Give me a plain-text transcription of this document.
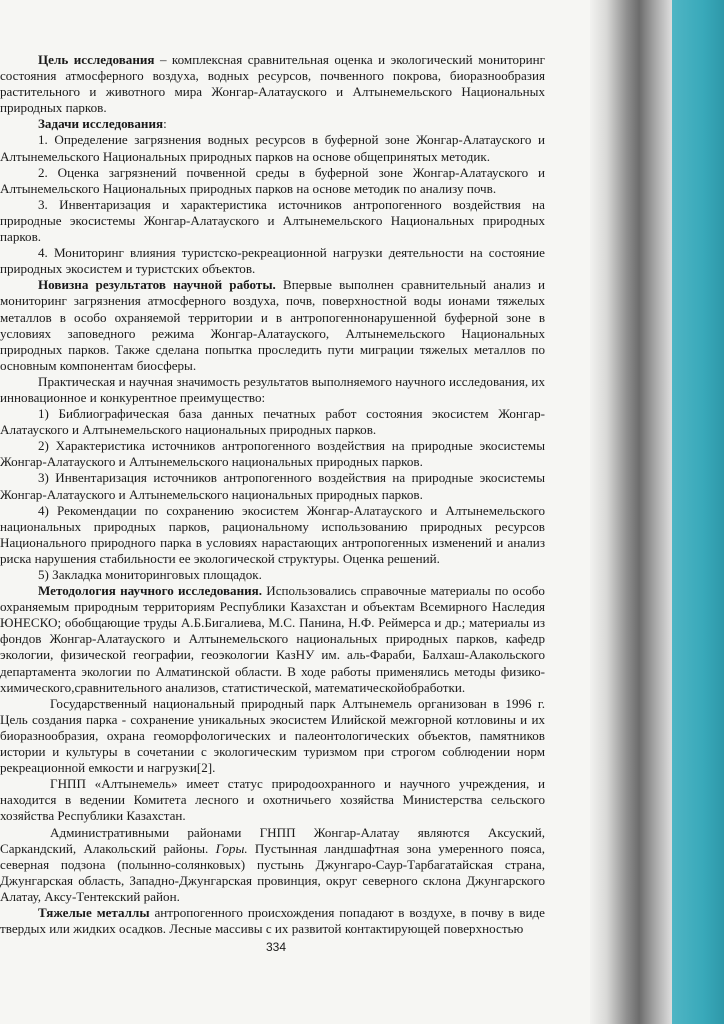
Цель исследования – комплексная сравнительная оценка и экологический мониторинг состояния атмосферного воздуха, водных ресурсов, почвенного покрова, биоразнообразия растительного и животного мира Жонгар-Алатауского и Алтынемельского Национальных природных парков.

Задачи исследования:

1. Определение загрязнения водных ресурсов в буферной зоне Жонгар-Алатауского и Алтынемельского Национальных природных парков на основе общепринятых методик.

2. Оценка загрязнений почвенной среды в буферной зоне Жонгар-Алатауского и Алтынемельского Национальных природных парков на основе методик по анализу почв.

3. Инвентаризация и характеристика источников антропогенного воздействия на природные экосистемы Жонгар-Алатауского и Алтынемельского Национальных природных парков.

4. Мониторинг влияния туристско-рекреационной нагрузки деятельности на состояние природных экосистем и туристских объектов.

Новизна результатов научной работы. Впервые выполнен сравнительный анализ и мониторинг загрязнения атмосферного воздуха, почв, поверхностной воды ионами тяжелых металлов в особо охраняемой территории и в антропогеннонарушенной буферной зоне в условиях заповедного режима Жонгар-Алатауского, Алтынемельского Национальных природных парков. Также сделана попытка проследить пути миграции тяжелых металлов по основным компонентам биосферы.

Практическая и научная значимость результатов выполняемого научного исследования, их инновационное и конкурентное преимущество:

1) Библиографическая база данных печатных работ состояния экосистем Жонгар-Алатауского и Алтынемельского национальных природных парков.

2) Характеристика источников антропогенного воздействия на природные экосистемы Жонгар-Алатауского и Алтынемельского национальных природных парков.

3) Инвентаризация источников антропогенного воздействия на природные экосистемы Жонгар-Алатауского и Алтынемельского национальных природных парков.

4) Рекомендации по сохранению экосистем Жонгар-Алатауского и Алтынемельского национальных природных парков, рациональному использованию природных ресурсов Национального природного парка в условиях нарастающих антропогенных изменений и анализ риска нарушения стабильности ее экологической структуры. Оценка решений.

5) Закладка мониторинговых площадок.

Методология научного исследования. Использовались справочные материалы по особо охраняемым природным территориям Республики Казахстан и объектам Всемирного Наследия ЮНЕСКО; обобщающие труды А.Б.Бигалиева, М.С. Панина, Н.Ф. Реймерса и др.; материалы из фондов Жонгар-Алатауского и Алтынемельского национальных природных парков, кафедр экологии, физической географии, геоэкологии КазНУ им. аль-Фараби, Балхаш-Алакольского департамента экологии по Алматинской области. В ходе работы применялись методы физико-химического,сравнительного анализов, статистической, математическойобработки.

Государственный национальный природный парк Алтынемель организован в 1996 г. Цель создания парка - сохранение уникальных экосистем Илийской межгорной котловины и их биоразнообразия, охрана геоморфологических и палеонтологических объектов, памятников истории и культуры в сочетании с экологическим туризмом при строгом соблюдении норм рекреационной емкости и нагрузки[2].

ГНПП «Алтынемель» имеет статус природоохранного и научного учреждения, и находится в ведении Комитета лесного и охотничьего хозяйства Министерства сельского хозяйства Республики Казахстан.

Административными районами ГНПП Жонгар-Алатау являются Аксуский, Саркандский, Алакольский районы. Горы. Пустынная ландшафтная зона умеренного пояса, северная подзона (полынно-солянковых) пустынь Джунгаро-Саур-Тарбагатайская страна, Джунгарская область, Западно-Джунгарская провинция, округ северного склона Джунгарского Алатау, Аксу-Тентекский район.

Тяжелые металлы антропогенного происхождения попадают в воздухе, в почву в виде твердых или жидких осадков. Лесные массивы с их развитой контактирующей поверхностью

334
